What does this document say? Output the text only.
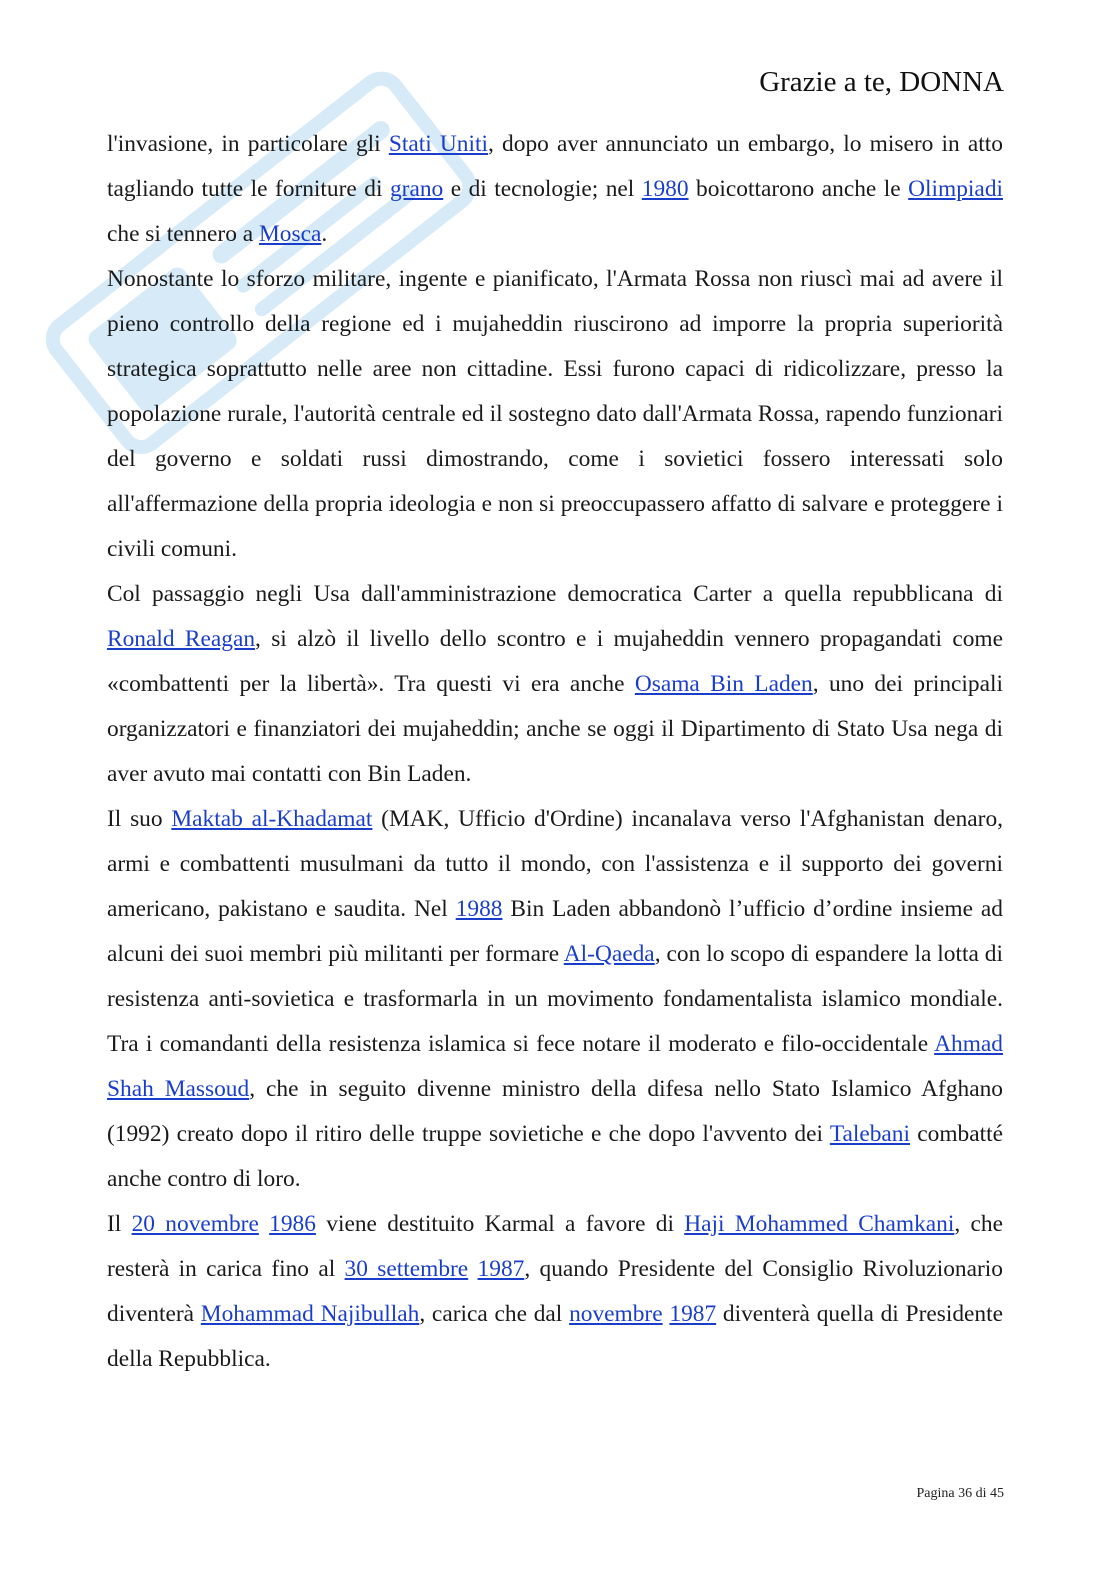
Grazie a te, DONNA

l'invasione, in particolare gli Stati Uniti, dopo aver annunciato un embargo, lo misero in atto tagliando tutte le forniture di grano e di tecnologie; nel 1980 boicottarono anche le Olimpiadi che si tennero a Mosca.

Nonostante lo sforzo militare, ingente e pianificato, l'Armata Rossa non riuscì mai ad avere il pieno controllo della regione ed i mujaheddin riuscirono ad imporre la propria superiorità strategica soprattutto nelle aree non cittadine. Essi furono capaci di ridicolizzare, presso la popolazione rurale, l'autorità centrale ed il sostegno dato dall'Armata Rossa, rapendo funzionari del governo e soldati russi dimostrando, come i sovietici fossero interessati solo all'affermazione della propria ideologia e non si preoccupassero affatto di salvare e proteggere i civili comuni.

Col passaggio negli Usa dall'amministrazione democratica Carter a quella repubblicana di Ronald Reagan, si alzò il livello dello scontro e i mujaheddin vennero propagandati come «combattenti per la libertà». Tra questi vi era anche Osama Bin Laden, uno dei principali organizzatori e finanziatori dei mujaheddin; anche se oggi il Dipartimento di Stato Usa nega di aver avuto mai contatti con Bin Laden.

Il suo Maktab al-Khadamat (MAK, Ufficio d'Ordine) incanalava verso l'Afghanistan denaro, armi e combattenti musulmani da tutto il mondo, con l'assistenza e il supporto dei governi americano, pakistano e saudita. Nel 1988 Bin Laden abbandonò l’ufficio d’ordine insieme ad alcuni dei suoi membri più militanti per formare Al-Qaeda, con lo scopo di espandere la lotta di resistenza anti-sovietica e trasformarla in un movimento fondamentalista islamico mondiale. Tra i comandanti della resistenza islamica si fece notare il moderato e filo-occidentale Ahmad Shah Massoud, che in seguito divenne ministro della difesa nello Stato Islamico Afghano (1992) creato dopo il ritiro delle truppe sovietiche e che dopo l'avvento dei Talebani combatté anche contro di loro.

Il 20 novembre 1986 viene destituito Karmal a favore di Haji Mohammed Chamkani, che resterà in carica fino al 30 settembre 1987, quando Presidente del Consiglio Rivoluzionario diventerà Mohammad Najibullah, carica che dal novembre 1987 diventerà quella di Presidente della Repubblica.

Pagina 36 di 45
